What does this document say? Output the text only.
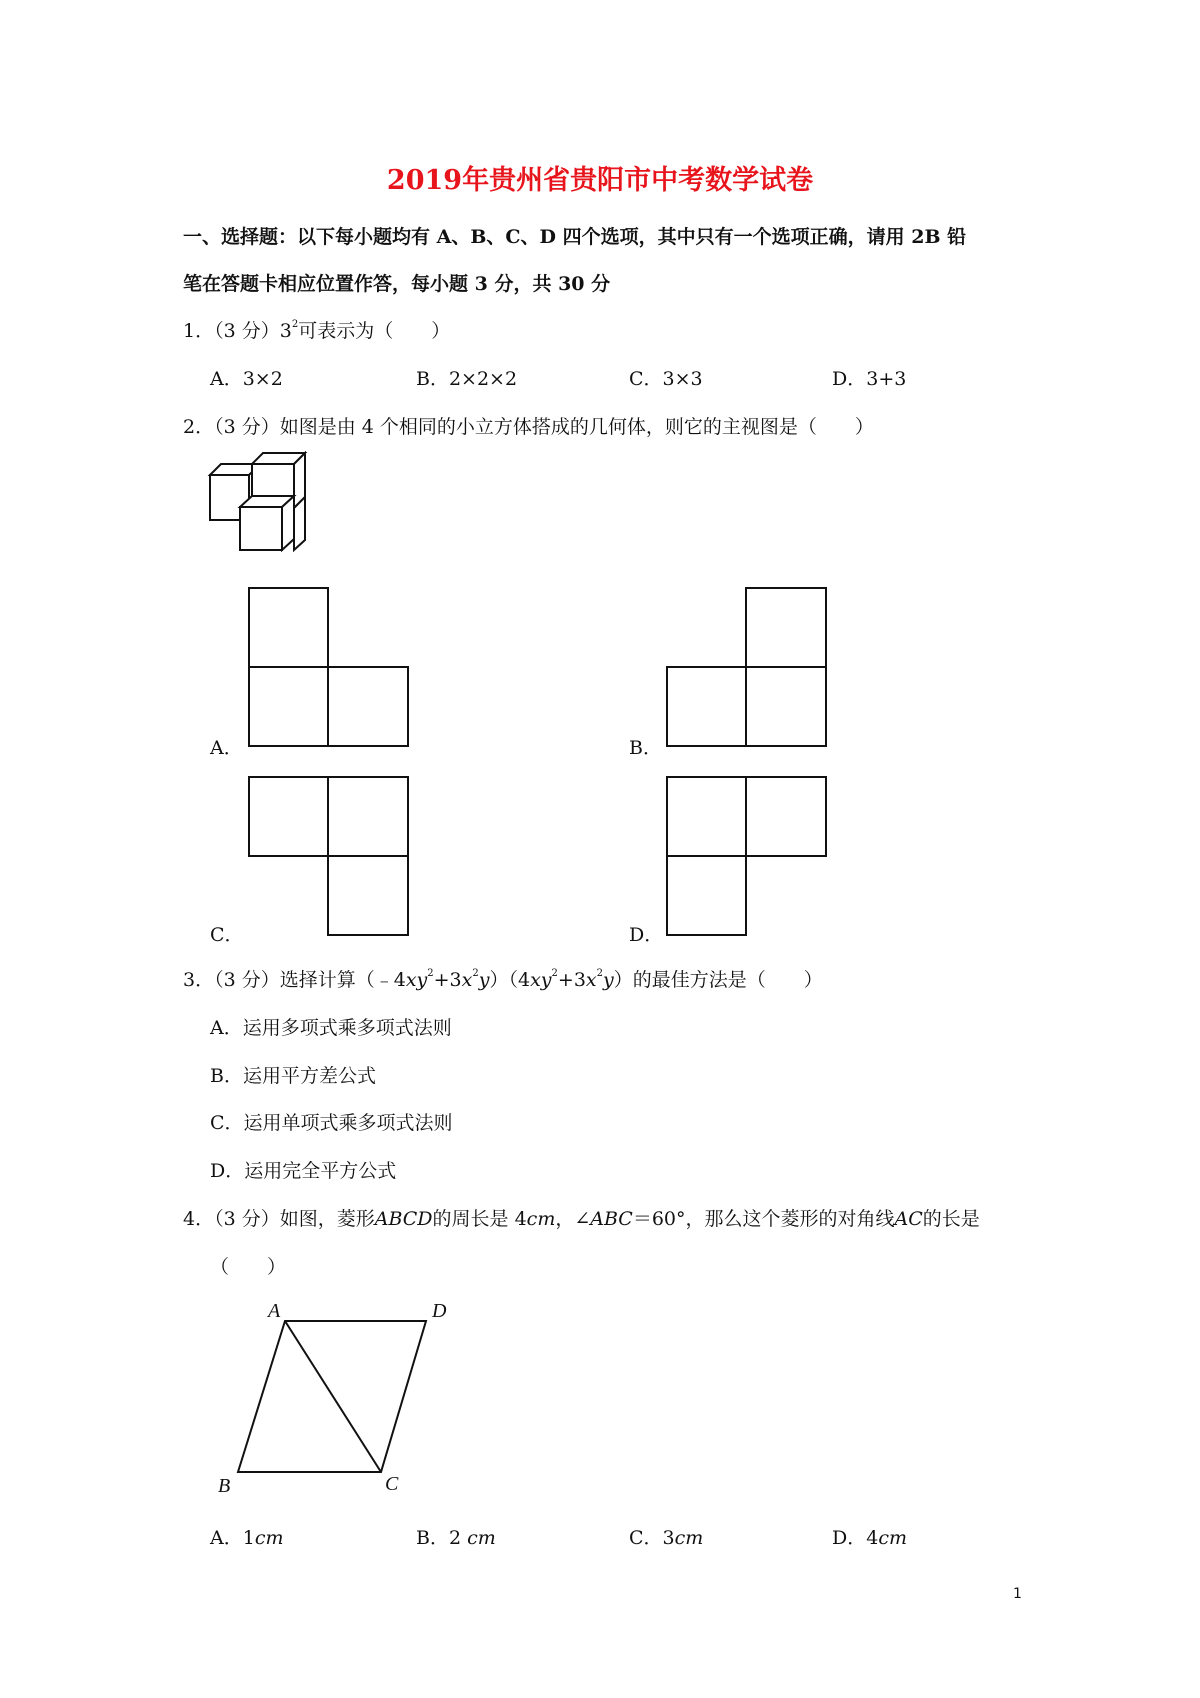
2019年贵州省贵阳市中考数学试卷
一、选择题：以下每小题均有 A、B、C、D 四个选项，其中只有一个选项正确，请用 2B 铅
笔在答题卡相应位置作答，每小题 3 分，共 30 分
1．（3 分）$3^2$可表示为（　　）
A．3×2	B．2×2×2	C．3×3	D．3+3
2．（3 分）如图是由 4 个相同的小立方体搭成的几何体，则它的主视图是（　　）
A．	B．
C．	D．
3．（3 分）选择计算$(﹣4xy^2+3x^2y)(4xy^2+3x^2y)$的最佳方法是（　　）
A．运用多项式乘多项式法则
B．运用平方差公式
C．运用单项式乘多项式法则
D．运用完全平方公式
4．（3 分）如图，菱形ABCD的周长是 4cm，∠ABC＝60°，那么这个菱形的对角线AC的长是
（　　）
A	D
B	C
A．1cm	B．2 cm	C．3cm	D．4cm
1
